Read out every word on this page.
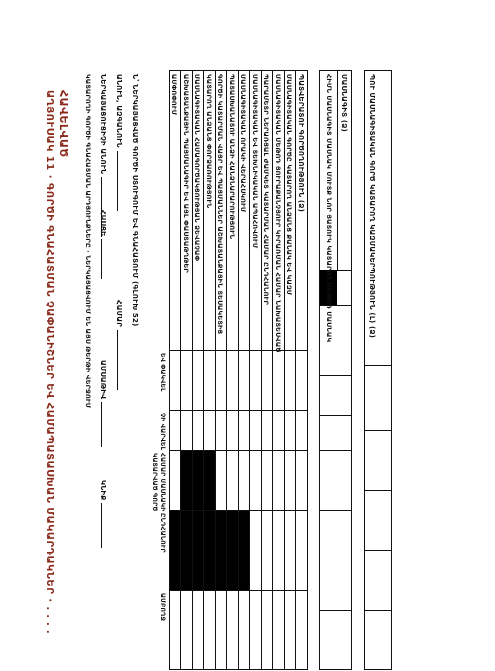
ՊՈՒ ՄԱՍՆԱԳԻՏԱԿԱՆ ԳՈՐԾ ԿԱՏԱՐՈՂ ԿԱԶՄԱԿԵՐՊՈՒԹՅՈՒՆ (Լ) (Ձ)
ՄԱՍՆԱԳԻՏ (Ձ)
ՀԻՄՆ ՄԱՍՆԱԳԻՏ ՄԱՍՆԱԿ ՄՈՒՏՔ ՆՈՐ ՅԱՏՈՒԿ ԿԱՏԱՐՈՂ ՄԵԹՈԴ ՄԱՍՆԱԿ
ՊԱՏՎԵՐԱՏՈՒ ԳՈՐԾՈՂՈՒԹՅՈՒՆ (Ձ)
ՄԱՍՆԱԳԻՏԱԿԱՆ ԳՈՐԾԸ ԿԱՏԱՐՈՂ ԱՆՁԱՆՑ ՔԱՆԱԿ ԵՎ ԿԱԶՄ
ՄԱՍՆԱԳԻՏԱԿԱՆ ՄԵԹՈԴ ՅՈՒՐԱՔԱՆՉՅՈՒՐ ԿԻՐԱՌՄԱՆ ՀԱՄԱՐ ՆԱԽԱՏԵՍՎԱԾ
ՊԱՐԱՄԵՏՐ ՆԵՐԱՌՅԱԼ ԺԱՄԿԵՏ ԿԱՏԱՐՄԱՆ ՀԱՄԱՐ ԸՆԴՀԱՆՈՒՐ
ՄԱՍՆԱԳԻՏԱԿԱՆ ԵՎ ՏԵԽՆԻԿԱԿԱՆ ԱՊԱՀՈՎՈՒՄ
ՄԱՍՆԱԳԻՏԱԿԱՆ ՈՐԱԿԻ ՎԵՐԱՀՍԿՈՒՄ
ՊԱՏԱՍԽԱՆԱՏՈՒ ԱՆՁԻ ՀԱՆՁՆԱՐԱՐՈՒԹՅՈՒՆ
ԳՈՐԾԻ ԿԱՏԱՐՄԱՆ ՎԱՅՐ ԵՎ ՊԱՅՄԱՆՆԵՐ ԱՇԽԱՏԱՆՔԱՅԻՆ ՏԵՍԱԿԵՏԻՑ
ԿԱՏԱՐՈՂ ԱՆՁԱՆՑ ՓՈՐՁԱՌՈՒԹՅՈՒՆ
ՄԱՍՆԱԳԻՏԱԿԱՆ ՀԱՄԱԳՈՐԾԱԿՑՈՒԹՅԱՆ ՁԵՎԱՉԱՓ
ԱՇԽԱՏԱՆՔԱՅԻՆ ՊԱՅՄԱՆԱԳԻՐ ԵՎ ԱՅԼ ՓԱՍՏԱԹՂԹԵՐ
ԱՄՓՈՓՈՒՄ
ԵՎ ՓԱԿՎԵԼ
ՉԻ ՎԱՐՎԵԼ
ՀԱՄԱՐ ՄԱՍՆԱԿԻ
ԿԱՏԱՐՎԱԾ ԳՈՐԾ
ԸՆԴՀԱՆՈՒՐ
ԱՄԲՈՂՋ
Ն՝ ՆԵՐԿԱՅԱՑՎԱԾ ԳՈՐԾԻ ՍՏՈՒԳՈՒՄ ԵՎ ԳՆԱՀԱՏՈՒՄ (ԳԼՈՒԽ 52)
ԱՆՈՒՆ, ԱԶԳԱՆՈՒՆ
ՀԱՄԱՐ
ՆԵՐԿԱՅԱՑՈՒՑԻՉԻ ԱՆՈՒՆ
ՀԱՍՑԵ
ԱՄՍԱԹԻՎ
ԿՆԻՔ
ԿԱՏԱՐՈՂԻ ԳՈՐԾԻ ԳՆԱՀԱՏՄԱՆ ԱՐԴՅՈՒՆՔՆԵՐԸ · ՆԵՐԿԱՅԱՑՎՈՒՄ ԵՆ ԱՅՍ ԹԵՐԹԻ ՎԵՐՋՈՒՄ
ՀԱՎԵԼՎԱԾ
ԱՂՅՈՒՍԱԿ 11 · ԳՈՐԾԻ ԳՆԱՀԱՏՄԱՆ ՉԱՓԱՆԻՇՆԵՐ ԵՎ ՀԱՄԱՊԱՏԱՍԽԱՆ ՄԱԿԱՐԴԱԿՆԵՐ · ․ ․ ․ ․
